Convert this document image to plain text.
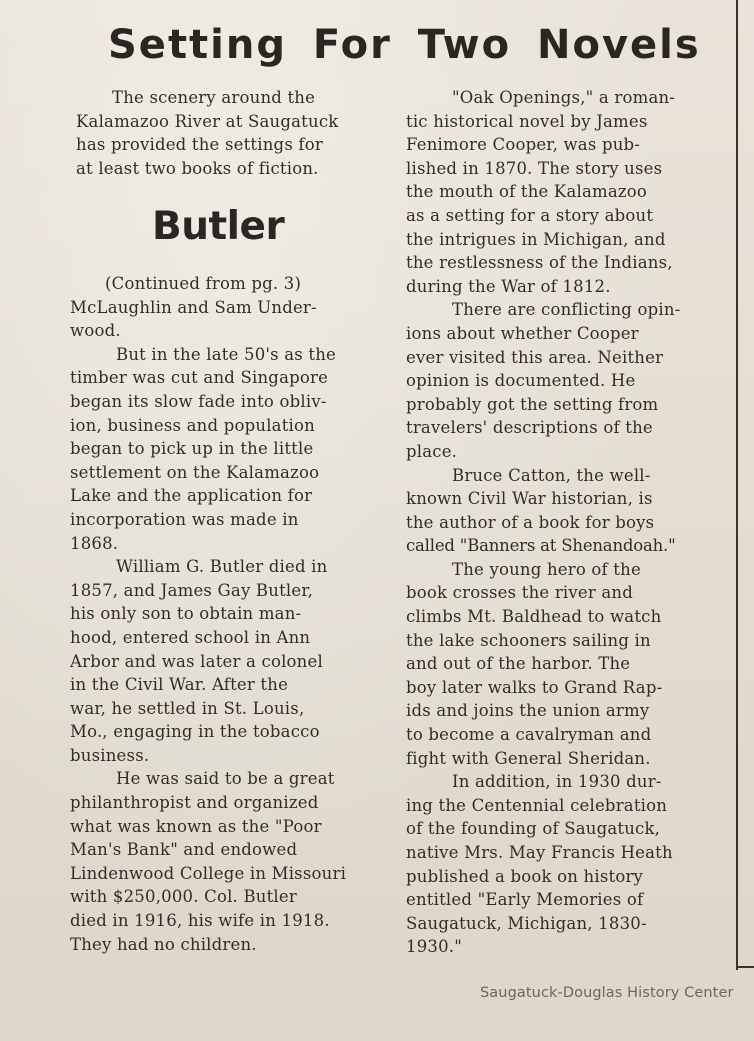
Setting For Two Novels
The scenery around the
Kalamazoo River at Saugatuck
has provided the settings for
at least two books of fiction.
Butler
(Continued from pg. 3)
McLaughlin and Sam Under-
wood.
But in the late 50's as the
timber was cut and Singapore
began its slow fade into obliv-
ion, business and population
began to pick up in the little
settlement on the Kalamazoo
Lake and the application for
incorporation was made in
1868.
William G. Butler died in
1857, and James Gay Butler,
his only son to obtain man-
hood, entered school in Ann
Arbor and was later a colonel
in the Civil War. After the
war, he settled in St. Louis,
Mo., engaging in the tobacco
business.
He was said to be a great
philanthropist and organized
what was known as the "Poor
Man's Bank" and endowed
Lindenwood College in Missouri
with $250,000. Col. Butler
died in 1916, his wife in 1918.
They had no children.
"Oak Openings," a roman-
tic historical novel by James
Fenimore Cooper, was pub-
lished in 1870. The story uses
the mouth of the Kalamazoo
as a setting for a story about
the intrigues in Michigan, and
the restlessness of the Indians,
during the War of 1812.
There are conflicting opin-
ions about whether Cooper
ever visited this area. Neither
opinion is documented. He
probably got the setting from
travelers' descriptions of the
place.
Bruce Catton, the well-
known Civil War historian, is
the author of a book for boys
called "Banners at Shenandoah."
The young hero of the
book crosses the river and
climbs Mt. Baldhead to watch
the lake schooners sailing in
and out of the harbor. The
boy later walks to Grand Rap-
ids and joins the union army
to become a cavalryman and
fight with General Sheridan.
In addition, in 1930 dur-
ing the Centennial celebration
of the founding of Saugatuck,
native Mrs. May Francis Heath
published a book on history
entitled "Early Memories of
Saugatuck, Michigan, 1830-
1930."
Saugatuck-Douglas History Center
